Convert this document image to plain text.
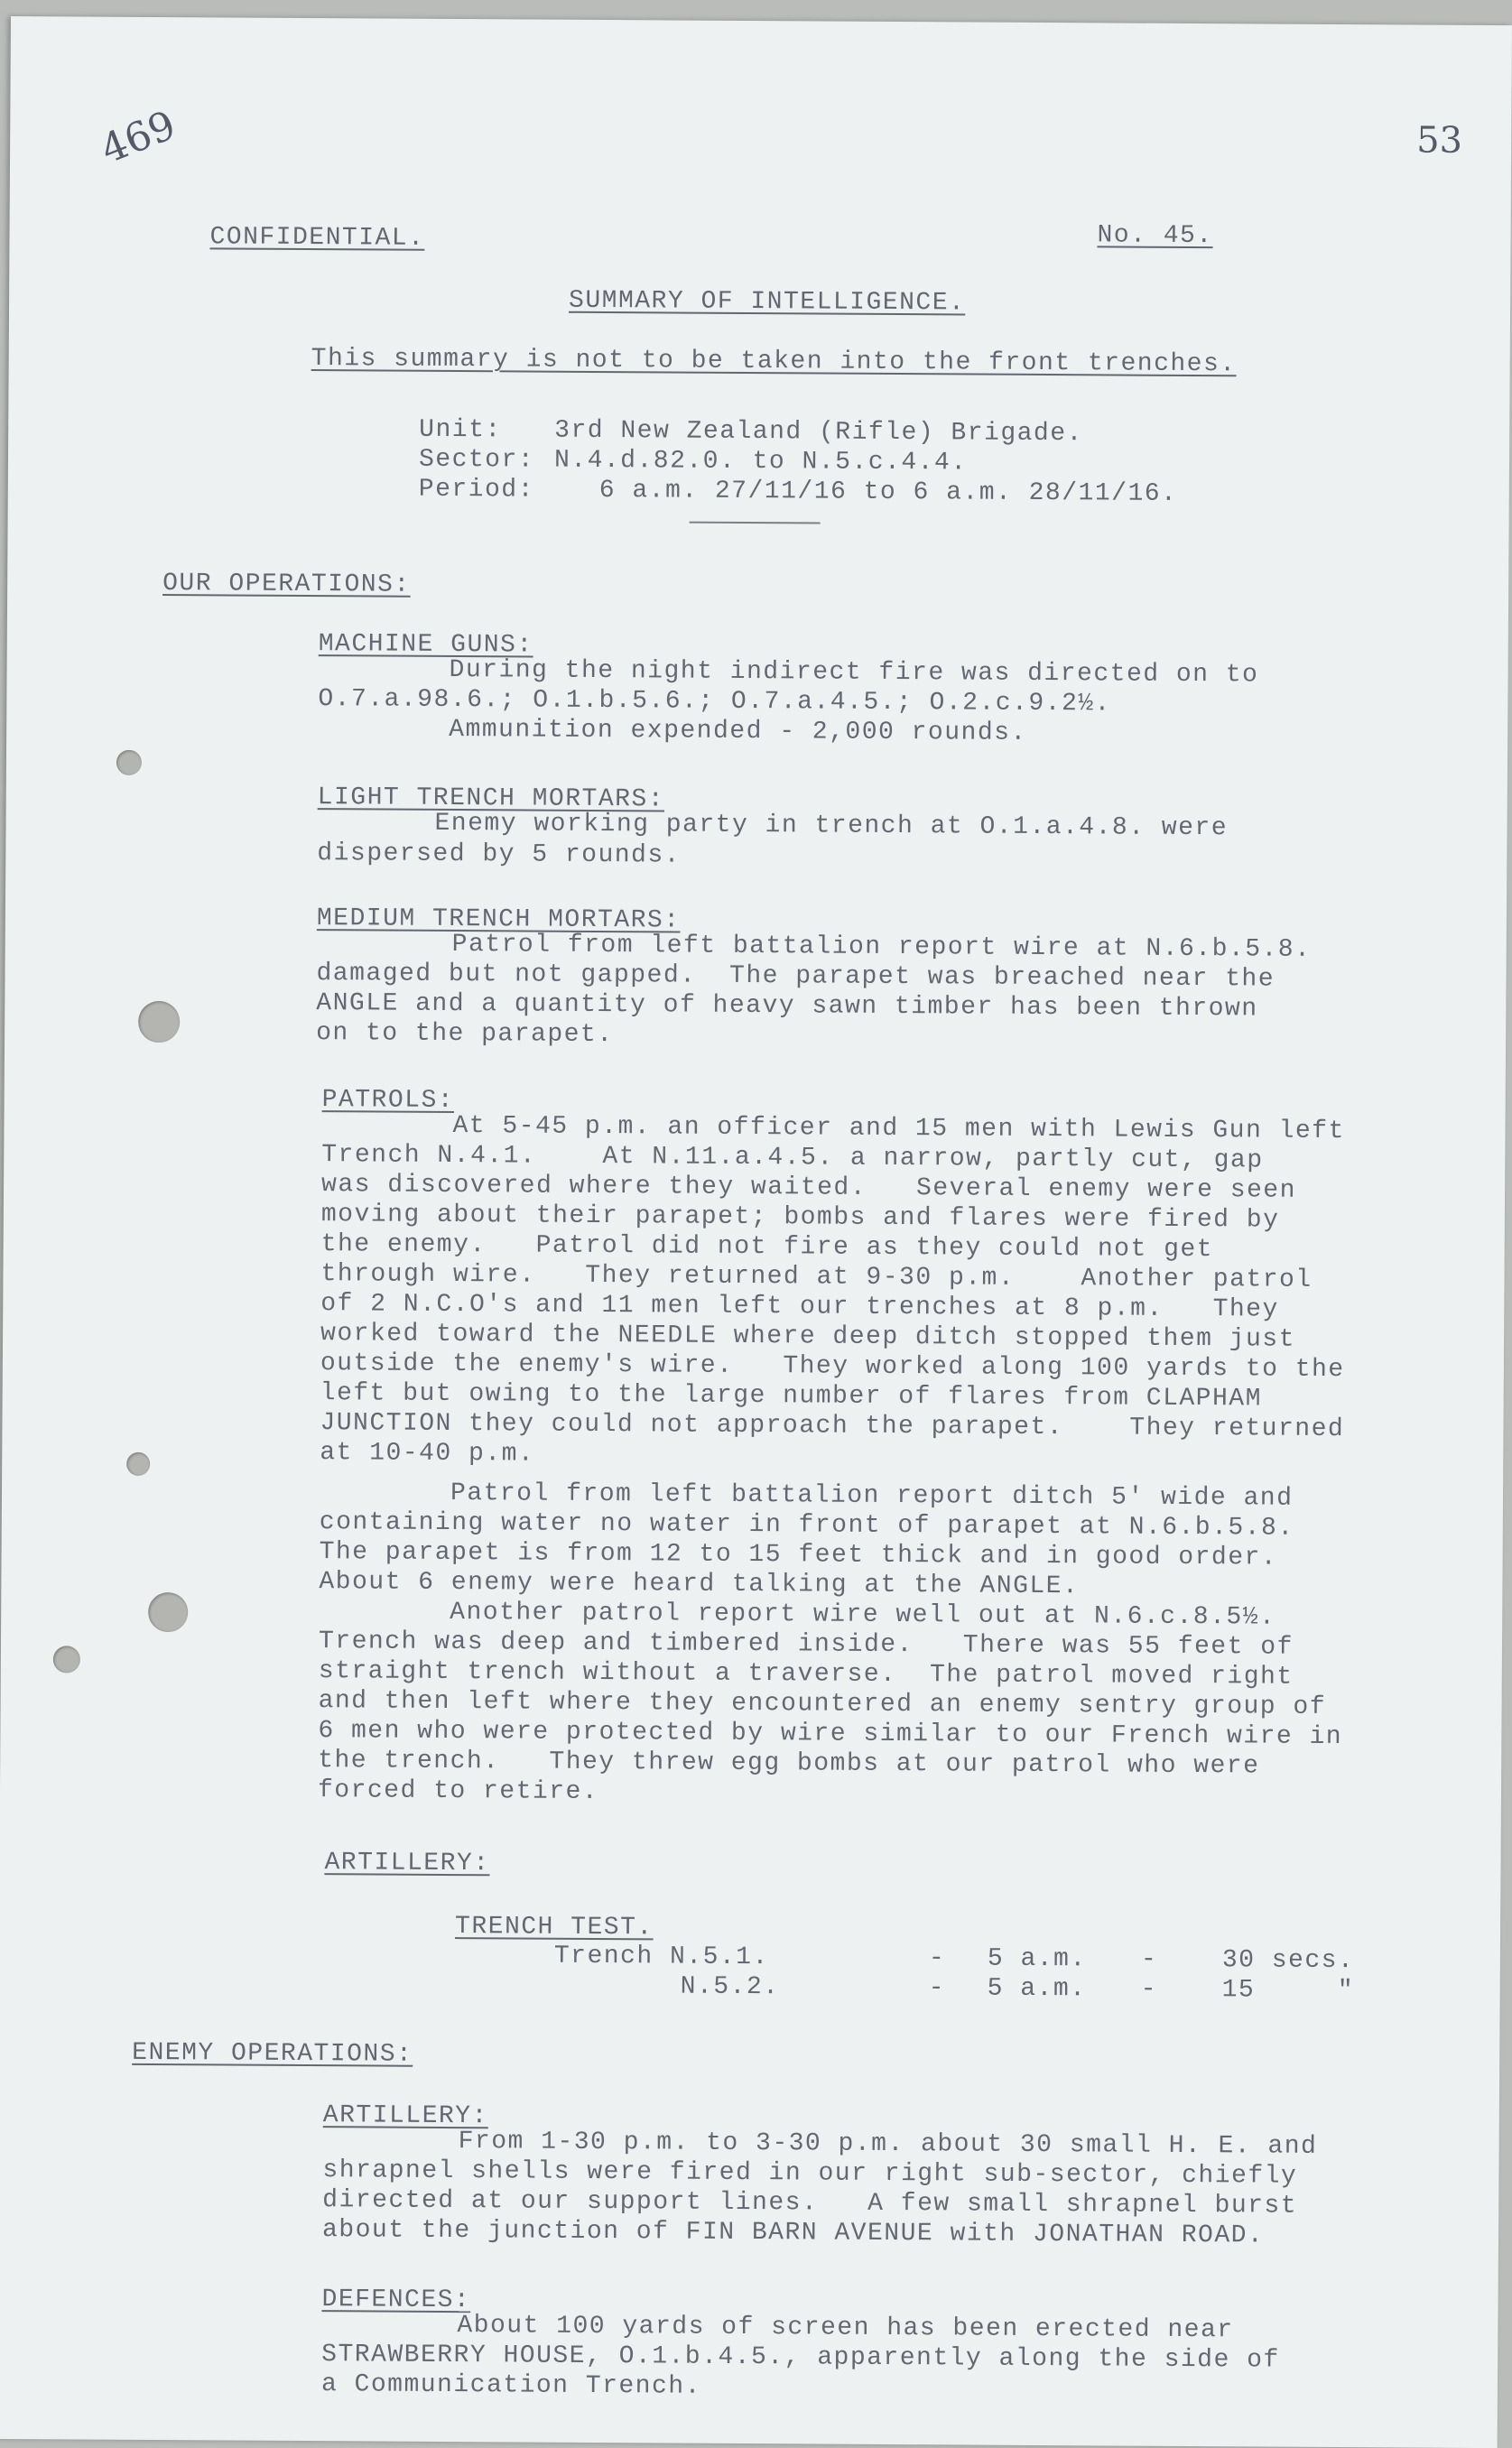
469	53
CONFIDENTIAL.	No. 45.
SUMMARY OF INTELLIGENCE.
This summary is not to be taken into the front trenches.
Unit: 3rd New Zealand (Rifle) Brigade.
Sector: N.4.d.82.0. to N.5.c.4.4.
Period:	6 a.m. 27/11/16 to 6 a.m. 28/11/16.
OUR OPERATIONS:
MACHINE GUNS:
During the night indirect fire was directed on to
O.7.a.98.6.; O.1.b.5.6.; O.7.a.4.5.; O.2.c.9.2½.
Ammunition expended - 2,000 rounds.
LIGHT TRENCH MORTARS:
Enemy working party in trench at O.1.a.4.8. were
dispersed by 5 rounds.
MEDIUM TRENCH MORTARS:
Patrol from left battalion report wire at N.6.b.5.8.
damaged but not gapped.  The parapet was breached near the
ANGLE and a quantity of heavy sawn timber has been thrown
on to the parapet.
PATROLS:
At 5-45 p.m. an officer and 15 men with Lewis Gun left
Trench N.4.1.    At N.11.a.4.5. a narrow, partly cut, gap
was discovered where they waited.   Several enemy were seen
moving about their parapet; bombs and flares were fired by
the enemy.   Patrol did not fire as they could not get
through wire.   They returned at 9-30 p.m.    Another patrol
of 2 N.C.O's and 11 men left our trenches at 8 p.m.   They
worked toward the NEEDLE where deep ditch stopped them just
outside the enemy's wire.   They worked along 100 yards to the
left but owing to the large number of flares from CLAPHAM
JUNCTION they could not approach the parapet.    They returned
at 10-40 p.m.
Patrol from left battalion report ditch 5' wide and
containing water no water in front of parapet at N.6.b.5.8.
The parapet is from 12 to 15 feet thick and in good order.
About 6 enemy were heard talking at the ANGLE.
Another patrol report wire well out at N.6.c.8.5½.
Trench was deep and timbered inside.   There was 55 feet of
straight trench without a traverse.  The patrol moved right
and then left where they encountered an enemy sentry group of
6 men who were protected by wire similar to our French wire in
the trench.   They threw egg bombs at our patrol who were
forced to retire.
ARTILLERY:
TRENCH TEST.
Trench N.5.1.	- 5 a.m. -	30 secs.
N.5.2.	- 5 a.m. -	15     "
ENEMY OPERATIONS:
ARTILLERY:
From 1-30 p.m. to 3-30 p.m. about 30 small H. E. and
shrapnel shells were fired in our right sub-sector, chiefly
directed at our support lines.   A few small shrapnel burst
about the junction of FIN BARN AVENUE with JONATHAN ROAD.
DEFENCES:
About 100 yards of screen has been erected near
STRAWBERRY HOUSE, O.1.b.4.5., apparently along the side of
a Communication Trench.
